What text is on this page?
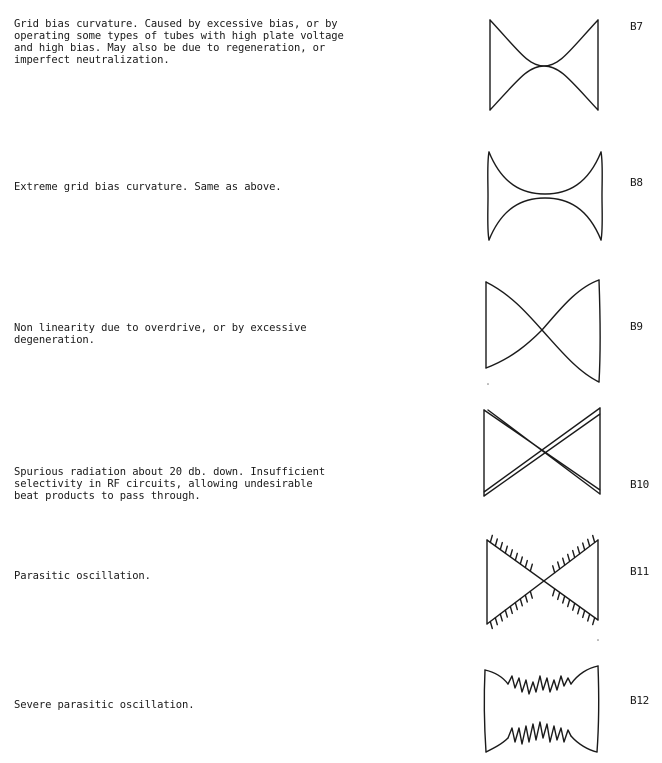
Grid bias curvature. Caused by excessive bias, or by
operating some types of tubes with high plate voltage
and high bias. May also be due to regeneration, or
imperfect neutralization.
B7
Extreme grid bias curvature. Same as above.	B8
Non linearity due to overdrive, or by excessive
degeneration.
B9
Spurious radiation about 20 db. down. Insufficient
selectivity in RF circuits, allowing undesirable
beat products to pass through.
B10
Parasitic oscillation.	B11
Severe parasitic oscillation.	B12
